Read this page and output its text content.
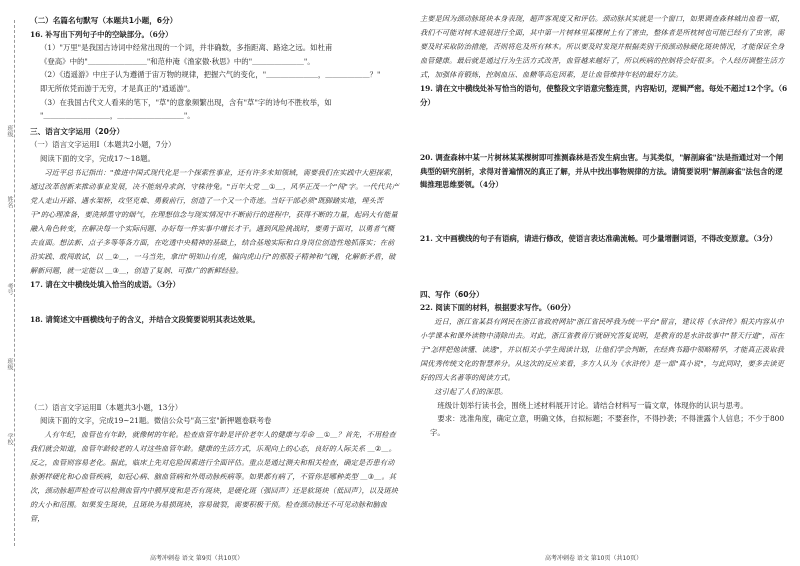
班级
姓名
考号
班级
学校
（二）名篇名句默写（本题共1小题，6分）
16. 补写出下列句子中的空缺部分。（6分）
（1）"万里"是我国古诗词中经常出现的一个词，并非确数，多指距离、路途之远。如杜甫
《登高》中的"＿＿＿＿＿＿＿＿"和范仲淹《渔家傲·秋思》中的"＿＿＿＿＿＿＿"。
（2）《逍遥游》中庄子认为遵循于宙万物的规律，把握六气的变化，"＿＿＿＿＿＿＿，＿＿＿＿＿＿？"
即无所依凭而游于无穷，才是真正的"逍遥游"。
（3）在我国古代文人看来的笔下，"草"的意象频繁出现，含有"草"字的诗句不胜枚举，如
"＿＿＿＿＿＿＿＿＿，＿＿＿＿＿＿＿＿＿"。
三、语言文字运用（20分）
（一）语言文字运用Ⅰ（本题共2小题，7分）
阅读下面的文字，完成17～18题。
习近平总书记指出："推进中国式现代化是一个探索性事业，还有许多未知领域，需要我们在实践中大胆探索，通过改革创新来推动事业发展，决不能刻舟求剑、守株待兔。"百年大党 ＿①＿，风华正茂一个"闯"字。一代代共产党人走山开路、遇水架桥，攻坚克难、勇毅前行，创造了一个又一个奇迹。当好干部必须"既脚踏实地，埋头苦干"的心理准备，要洗掉墨守的烟气，在理想信念与现实情况中不断前行的进程中，获得不断的力量，起码大有能量融入角色转变，在解决每一个实际问题、办好每一件实事中增长才干。遇到风险挑战时，要勇于面对，以勇者气概去直面。想法新、点子多等等各方面，在吃透中央精神的基础上，结合基地实际和自身岗位创造性地抓落实；在前沿实践、敢闯敢试，以 ＿②＿，一马当先，拿出"明知山有虎，偏向虎山行"的那股子精神和气魄，化解新矛盾，破解新问题，就一定能以 ＿③＿，创造了复制、可推广的新鲜经验。
17. 请在文中横线处填入恰当的成语。（3分）
18. 请简述文中画横线句子的含义，并结合文段简要说明其表达效果。
（二）语言文字运用Ⅱ（本题共3小题，13分）
阅读下面的文字，完成19~21题。微信公众号"高三室"新押题卷联考卷
人有年纪，血管也有年龄，就像树的年轮。检查血管年龄是评价老年人的健康与寿命 ＿①＿？首先，不用检查我们就会知道，血管年龄较老的人对这些血管年龄。健康的生活方式，乐观向上的心态，良好的人际关系 ＿②＿。反之，血管则容易老化。据此，临床上先对危险因素进行全面评估。重点是通过测夫和相关检查，确定是否患有动脉粥样硬化和心血管疾病，如冠心病、脑血管病和外周动脉疾病等。如果都有病了，不管你是哪种类型 ＿③＿。其次，颈动脉超声检查可以检测血管内中膜厚度和是否有斑块，是硬化斑（强回声）还是软斑块（低回声），以及斑块的大小和范围。如果发生斑块，且斑块为易损斑块，容易破裂，需要积极干预。检查颈动脉还不可见动脉和脑血管，
主要是因为颈动脉斑块本身表现，超声客观度又和评估。颈动脉其实就是一个窗口，如果调查森林城出血看一眼，我们不可能对树木进展进行全面，其中第一片树林里某棵树上有了害虫，整体者是所枕树也可能已经有了虫害，需要及时采取防治措施，否则将危及所有林木。所以要及时发现并根据类别干预颈动脉硬化斑块情况，才能保证全身血管健康。最后就是通过行为生活方式改善，血管越来越好了，所以疾病的控制将会好很多。个人经历调整生活方式，加强体育锻炼，控制血压、血糖等高危因素，是让血管维持年轻的最好方法。
19. 请在文中横线处补写恰当的语句，使整段文字语意完整连贯，内容贴切，逻辑严密。每处不超过12个字。（6分）
20. 调查森林中某一片树林某某棵树即可推测森林是否发生病虫害。与其类似，"解剖麻雀"法是指通过对一个闸典型的研究剖析，求得对普遍情况的真正了解，并从中找出事物规律的方法。请简要说明"解剖麻雀"法包含的逻辑推理思维要领。（4分）
21. 文中画横线的句子有语病，请进行修改，使语言表达准确流畅。可少量增删词语，不得改变原意。（3分）
四、写作（60分）
22. 阅读下面的材料，根据要求写作。（60分）
近日，浙江省某县有网民在浙江省政府网站"浙江省民呼我为统一平台"留言，建议将《水浒传》相关内容从中小学课本和课外读物中清除出去。对此，浙江省教育厅就研究答复说明，是教育的是水浒故事中"替天行道"，而在于"怎样把他读懂、读透"，并以相关小学生阅读计划，让他们学会判断，在经典书籍中领略精华，才能真正汲取我国优秀传统文化的智慧养分。从这次的反应来看，多方人认为《水浒传》是一部"真小说"，与此同时，要多去读更好的四大名著等的阅读方式。
这引起了人们的深思。
班级计划举行读书会，围绕上述材料展开讨论。请结合材料写一篇文章，体现你的认识与思考。
要求：选准角度，确定立意，明确文体，自拟标题；不要套作，不得抄袭；不得泄露个人信息；不少于800字。
高考冲刺卷 语文 第9页（共10页）	高考冲刺卷 语文 第10页（共10页）
